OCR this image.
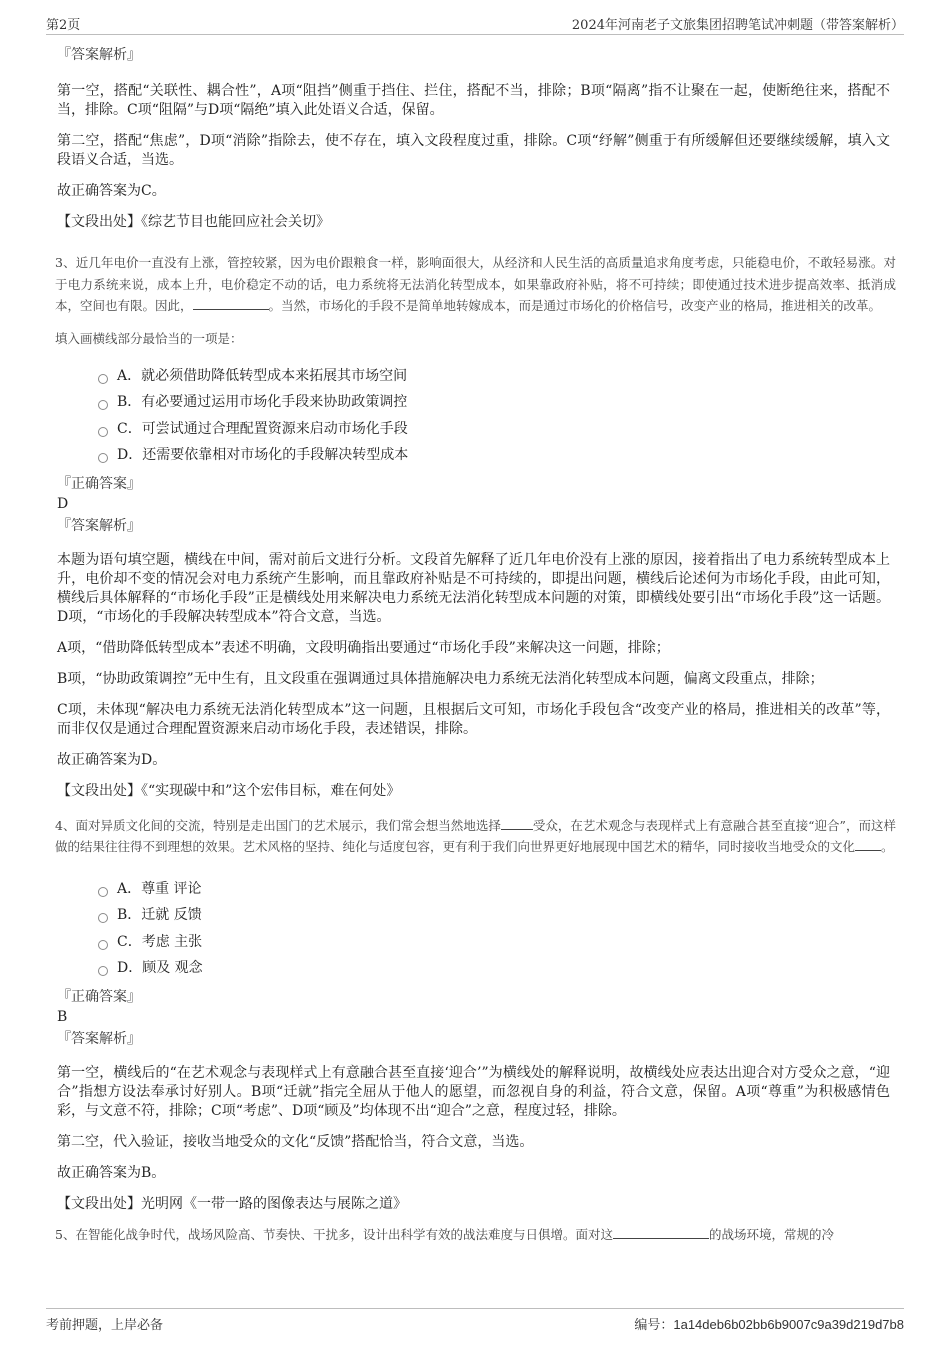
第2页	2024年河南老子文旅集团招聘笔试冲刺题（带答案解析）
『答案解析』

第一空，搭配“关联性、耦合性”，A项“阻挡”侧重于挡住、拦住，搭配不当，排除；B项“隔离”指不让聚在一起，使断绝往来，搭配不当，排除。C项“阻隔”与D项“隔绝”填入此处语义合适，保留。

第二空，搭配“焦虑”，D项“消除”指除去，使不存在，填入文段程度过重，排除。C项“纾解”侧重于有所缓解但还要继续缓解，填入文段语义合适，当选。

故正确答案为C。

【文段出处】《综艺节目也能回应社会关切》

3、近几年电价一直没有上涨，管控较紧，因为电价跟粮食一样，影响面很大，从经济和人民生活的高质量追求角度考虑，只能稳电价，不敢轻易涨。对于电力系统来说，成本上升，电价稳定不动的话，电力系统将无法消化转型成本，如果靠政府补贴，将不可持续；即使通过技术进步提高效率、抵消成本，空间也有限。因此，	。当然，市场化的手段不是简单地转嫁成本，而是通过市场化的价格信号，改变产业的格局，推进相关的改革。

填入画横线部分最恰当的一项是：

A．就必须借助降低转型成本来拓展其市场空间
B．有必要通过运用市场化手段来协助政策调控
C．可尝试通过合理配置资源来启动市场化手段
D．还需要依靠相对市场化的手段解决转型成本
『正确答案』
D
『答案解析』

本题为语句填空题，横线在中间，需对前后文进行分析。文段首先解释了近几年电价没有上涨的原因，接着指出了电力系统转型成本上升，电价却不变的情况会对电力系统产生影响，而且靠政府补贴是不可持续的，即提出问题，横线后论述何为市场化手段，由此可知，横线后具体解释的“市场化手段”正是横线处用来解决电力系统无法消化转型成本问题的对策，即横线处要引出“市场化手段”这一话题。D项，“市场化的手段解决转型成本”符合文意，当选。

A项，“借助降低转型成本”表述不明确，文段明确指出要通过“市场化手段”来解决这一问题，排除；

B项，“协助政策调控”无中生有，且文段重在强调通过具体措施解决电力系统无法消化转型成本问题，偏离文段重点，排除；

C项，未体现“解决电力系统无法消化转型成本”这一问题，且根据后文可知，市场化手段包含“改变产业的格局，推进相关的改革”等，而非仅仅是通过合理配置资源来启动市场化手段，表述错误，排除。

故正确答案为D。

【文段出处】《“实现碳中和”这个宏伟目标，难在何处》

4、面对异质文化间的交流，特别是走出国门的艺术展示，我们常会想当然地选择	受众，在艺术观念与表现样式上有意融合甚至直接“迎合”，而这样做的结果往往得不到理想的效果。艺术风格的坚持、纯化与适度包容，更有利于我们向世界更好地展现中国艺术的精华，同时接收当地受众的文化 。

A．尊重 评论
B．迁就 反馈
C．考虑 主张
D．顾及 观念
『正确答案』
B
『答案解析』

第一空，横线后的“在艺术观念与表现样式上有意融合甚至直接‘迎合’”为横线处的解释说明，故横线处应表达出迎合对方受众之意，“迎合”指想方设法奉承讨好别人。B项“迁就”指完全屈从于他人的愿望，而忽视自身的利益，符合文意，保留。A项“尊重”为积极感情色彩，与文意不符，排除；C项“考虑”、D项“顾及”均体现不出“迎合”之意，程度过轻，排除。

第二空，代入验证，接收当地受众的文化“反馈”搭配恰当，符合文意，当选。

故正确答案为B。

【文段出处】光明网《一带一路的图像表达与展陈之道》

5、在智能化战争时代，战场风险高、节奏快、干扰多，设计出科学有效的战法难度与日俱增。面对这	的战场环境，常规的冷

考前押题，上岸必备	编号：1a14deb6b02bb6b9007c9a39d219d7b8
